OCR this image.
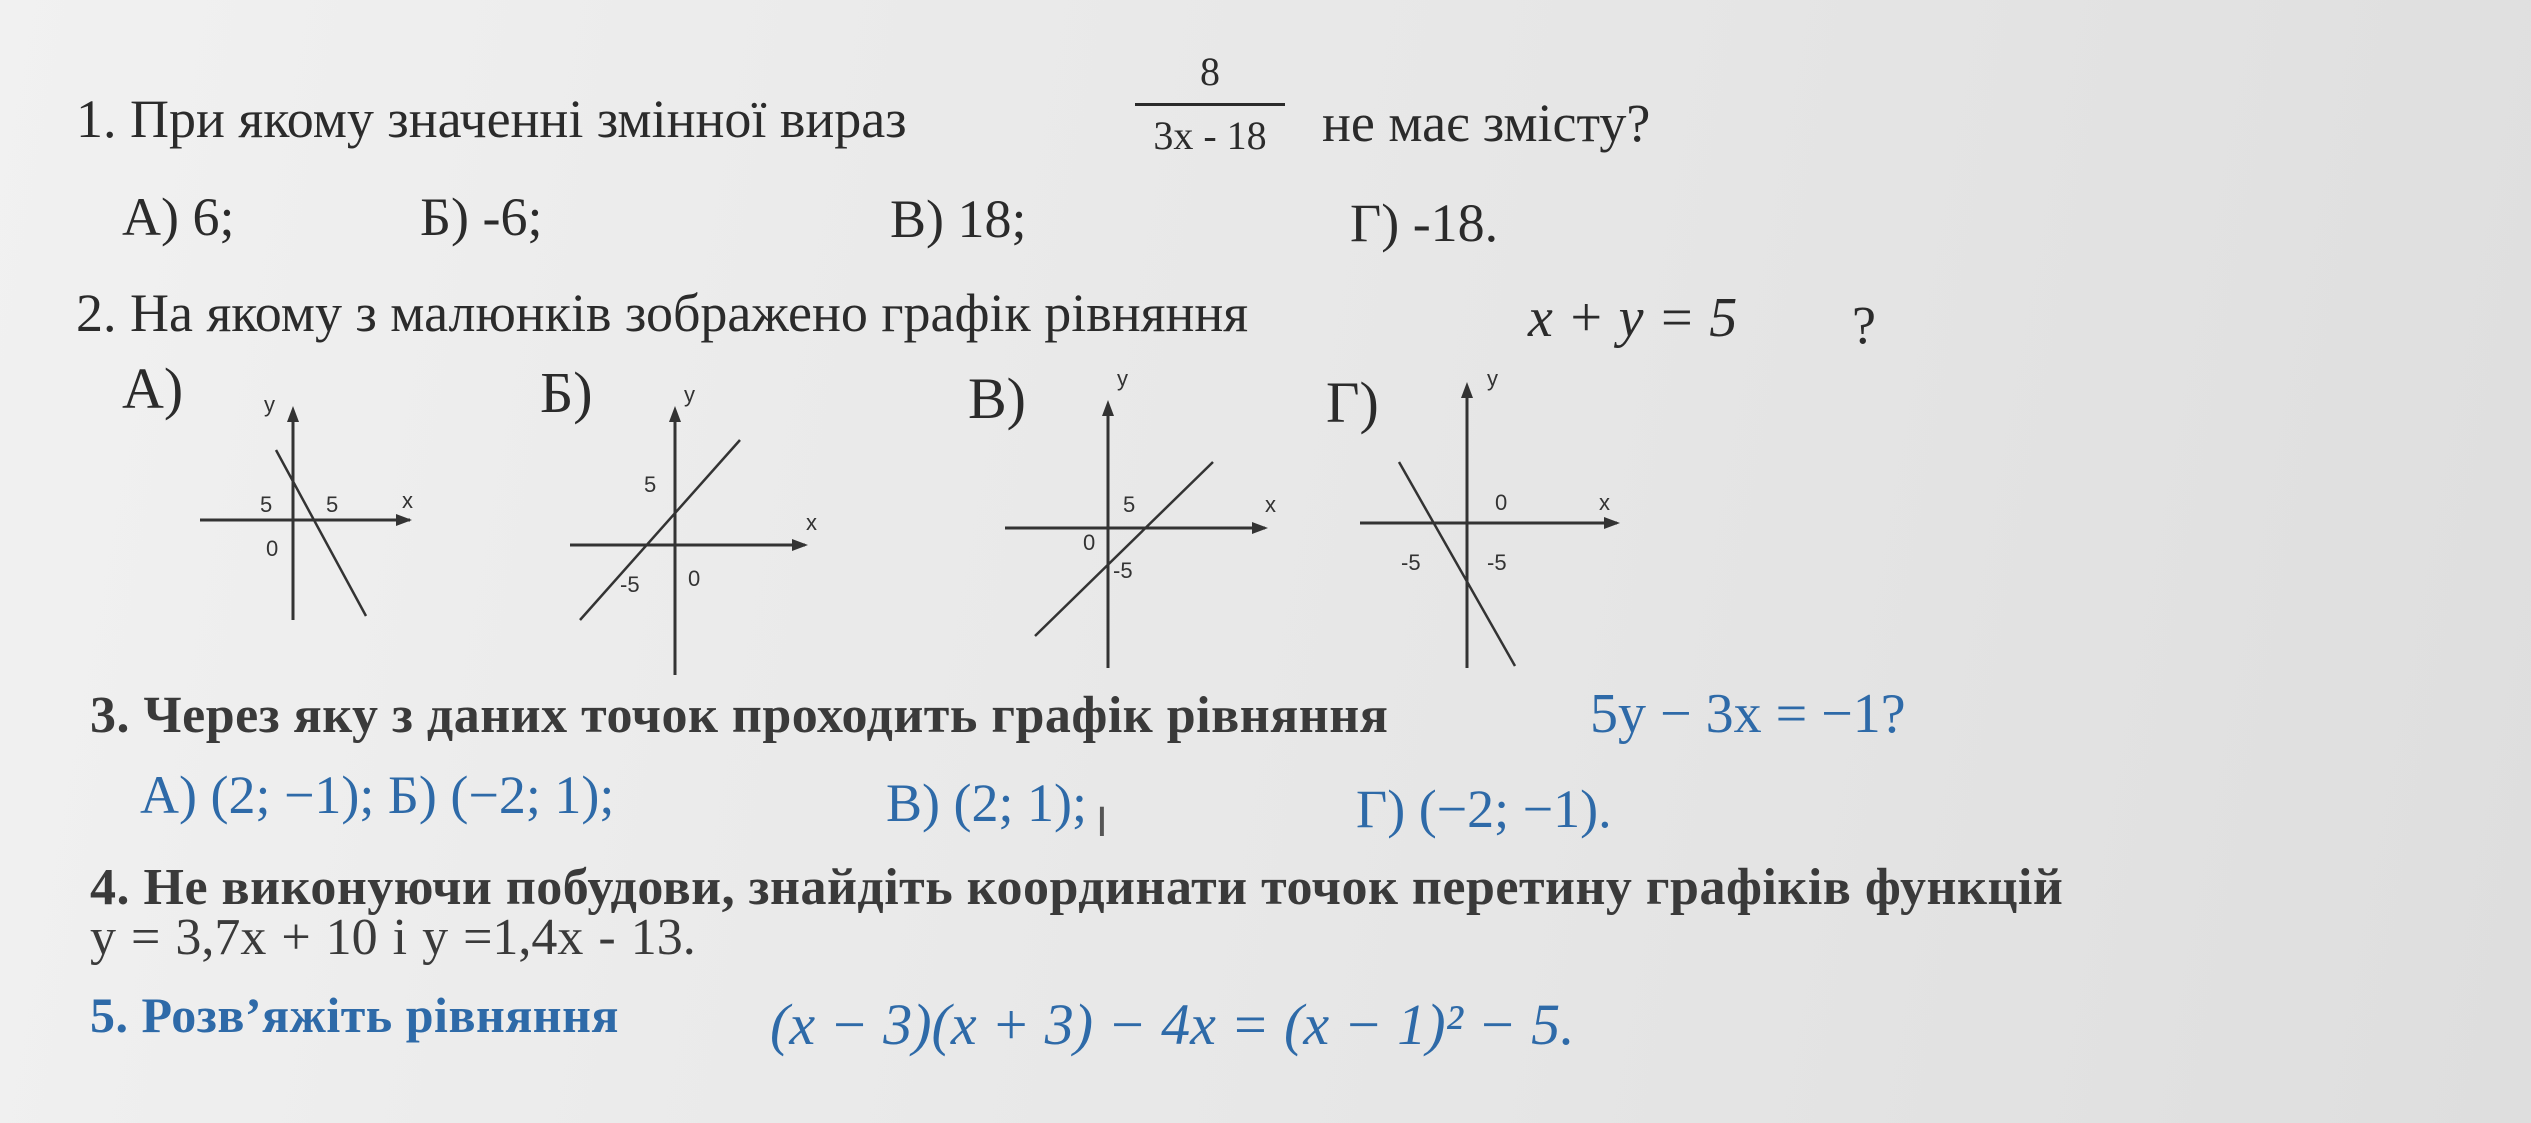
1. При якому значенні змінної вираз
8
3x - 18	не має змісту?
А) 6;	Б) -6;	В) 18;	Г) -18.
2. На якому з малюнків зображено графік рівняння	x + y = 5 ?
А)	Б)	В)	Г)
y
x
5 5
0
y
x
5
-5 0
y
x
5
0
-5
y
x
0
-5	-5
3. Через яку з даних точок проходить графік рівняння	5y − 3x = −1?
А) (2; −1); Б) (−2; 1);	В) (2; 1);	Г) (−2; −1).
I
4. Не виконуючи побудови, знайдіть координати точок перетину графіків функцій
y = 3,7x + 10 і y =1,4x - 13.
5. Розв’яжіть рівняння	(x − 3)(x + 3) − 4x = (x − 1)² − 5.
